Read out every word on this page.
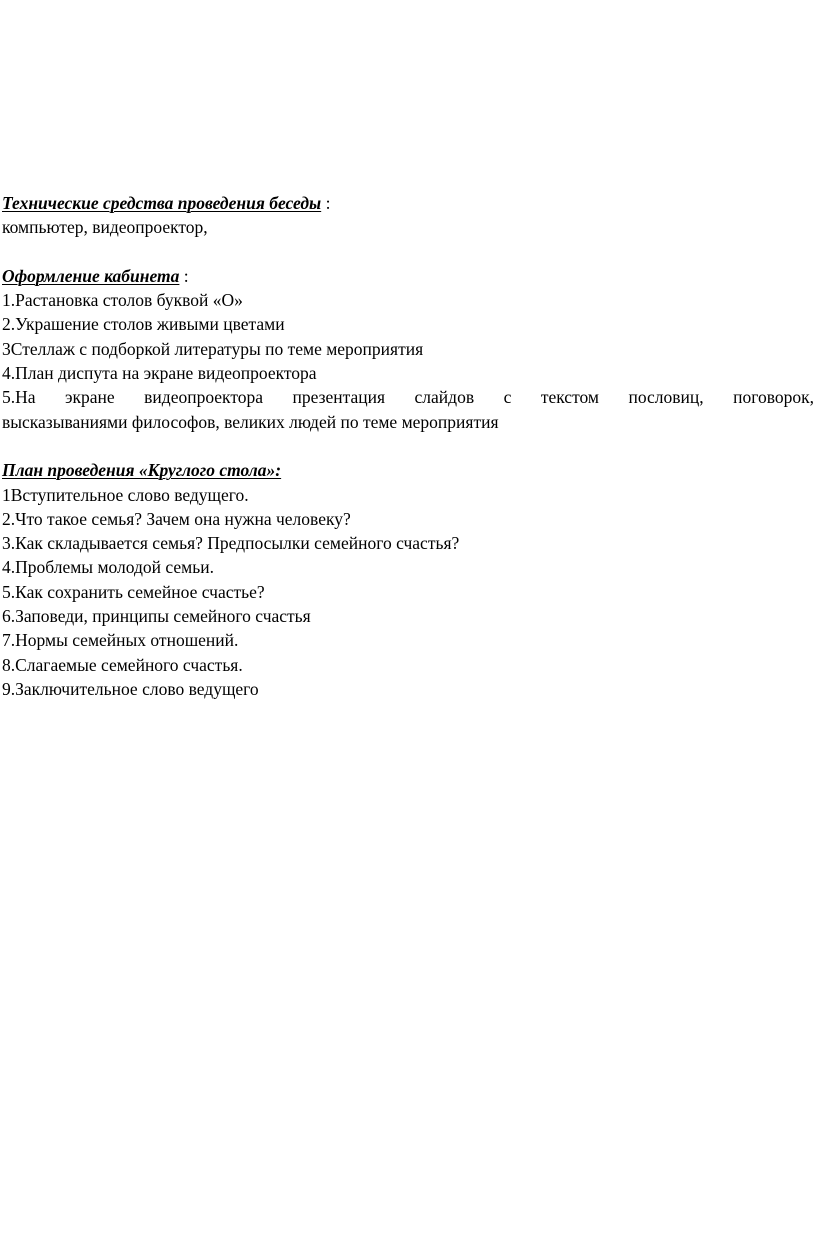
Технические средства проведения беседы :

компьютер, видеопроектор,

Оформление кабинета :

1.Растановка столов буквой «О»

2.Украшение столов живыми цветами

3Стеллаж с подборкой литературы по теме мероприятия

4.План диспута на экране видеопроектора

5.На экране видеопроектора презентация слайдов с текстом пословиц, поговорок,

высказываниями философов, великих людей по теме мероприятия

План проведения «Круглого стола»:

1Вступительное слово ведущего.

2.Что такое семья? Зачем она нужна человеку?

3.Как складывается семья? Предпосылки семейного счастья?

4.Проблемы молодой семьи.

5.Как сохранить семейное счастье?

6.Заповеди, принципы семейного счастья

7.Нормы семейных отношений.

8.Слагаемые семейного счастья.

9.Заключительное слово ведущего
